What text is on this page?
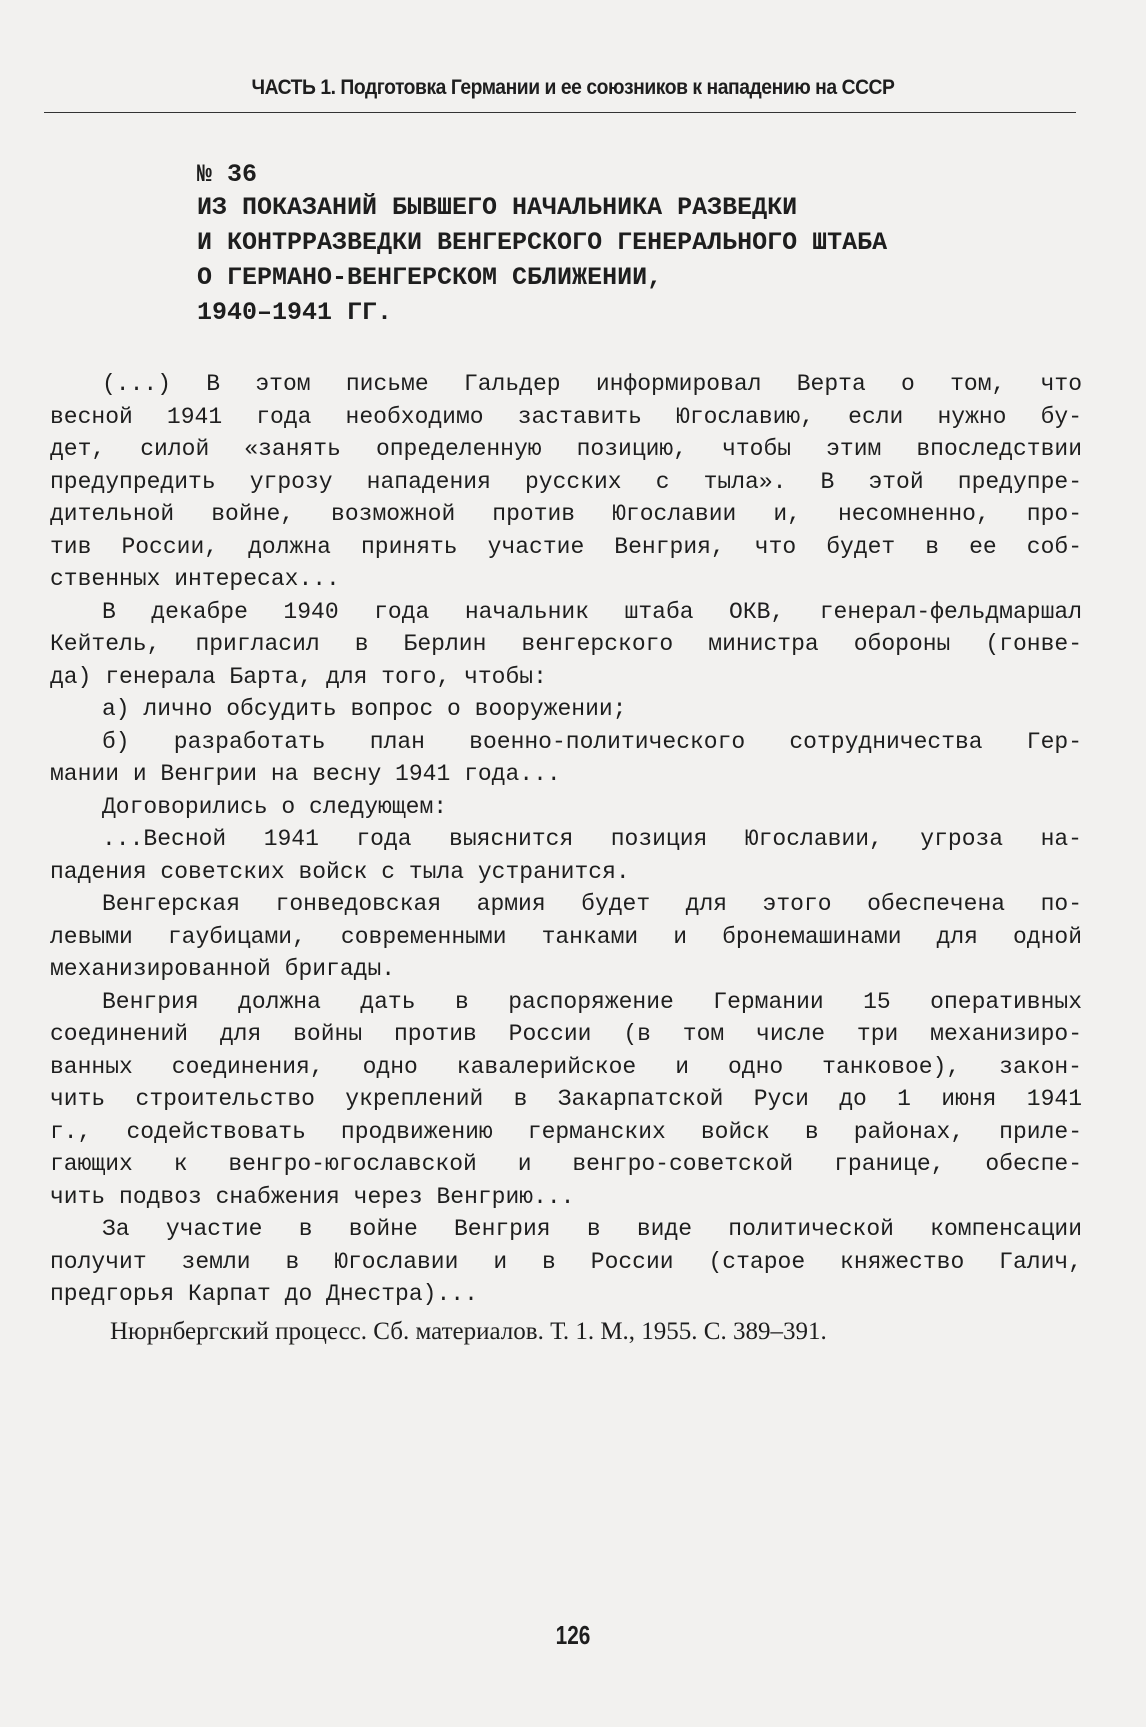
ЧАСТЬ 1. Подготовка Германии и ее союзников к нападению на СССР
№ 36
ИЗ ПОКАЗАНИЙ БЫВШЕГО НАЧАЛЬНИКА РАЗВЕДКИ
И КОНТРРАЗВЕДКИ ВЕНГЕРСКОГО ГЕНЕРАЛЬНОГО ШТАБА
О ГЕРМАНО-ВЕНГЕРСКОМ СБЛИЖЕНИИ,
1940–1941 ГГ.
(...) В этом письме Гальдер информировал Верта о том, что
весной 1941 года необходимо заставить Югославию, если нужно бу-
дет, силой «занять определенную позицию, чтобы этим впоследствии
предупредить угрозу нападения русских с тыла». В этой предупре-
дительной войне, возможной против Югославии и, несомненно, про-
тив России, должна принять участие Венгрия, что будет в ее соб-
ственных интересах...
В декабре 1940 года начальник штаба ОКВ, генерал-фельдмаршал
Кейтель, пригласил в Берлин венгерского министра обороны (гонве-
да) генерала Барта, для того, чтобы:
а) лично обсудить вопрос о вооружении;
б) разработать план военно-политического сотрудничества Гер-
мании и Венгрии на весну 1941 года...
Договорились о следующем:
...Весной 1941 года выяснится позиция Югославии, угроза на-
падения советских войск с тыла устранится.
Венгерская гонведовская армия будет для этого обеспечена по-
левыми гаубицами, современными танками и бронемашинами для одной
механизированной бригады.
Венгрия должна дать в распоряжение Германии 15 оперативных
соединений для войны против России (в том числе три механизиро-
ванных соединения, одно кавалерийское и одно танковое), закон-
чить строительство укреплений в Закарпатской Руси до 1 июня 1941
г., содействовать продвижению германских войск в районах, приле-
гающих к венгро-югославской и венгро-советской границе, обеспе-
чить подвоз снабжения через Венгрию...
За участие в войне Венгрия в виде политической компенсации
получит земли в Югославии и в России (старое княжество Галич,
предгорья Карпат до Днестра)...
Нюрнбергский процесс. Сб. материалов. Т. 1. М., 1955. С. 389–391.
126
